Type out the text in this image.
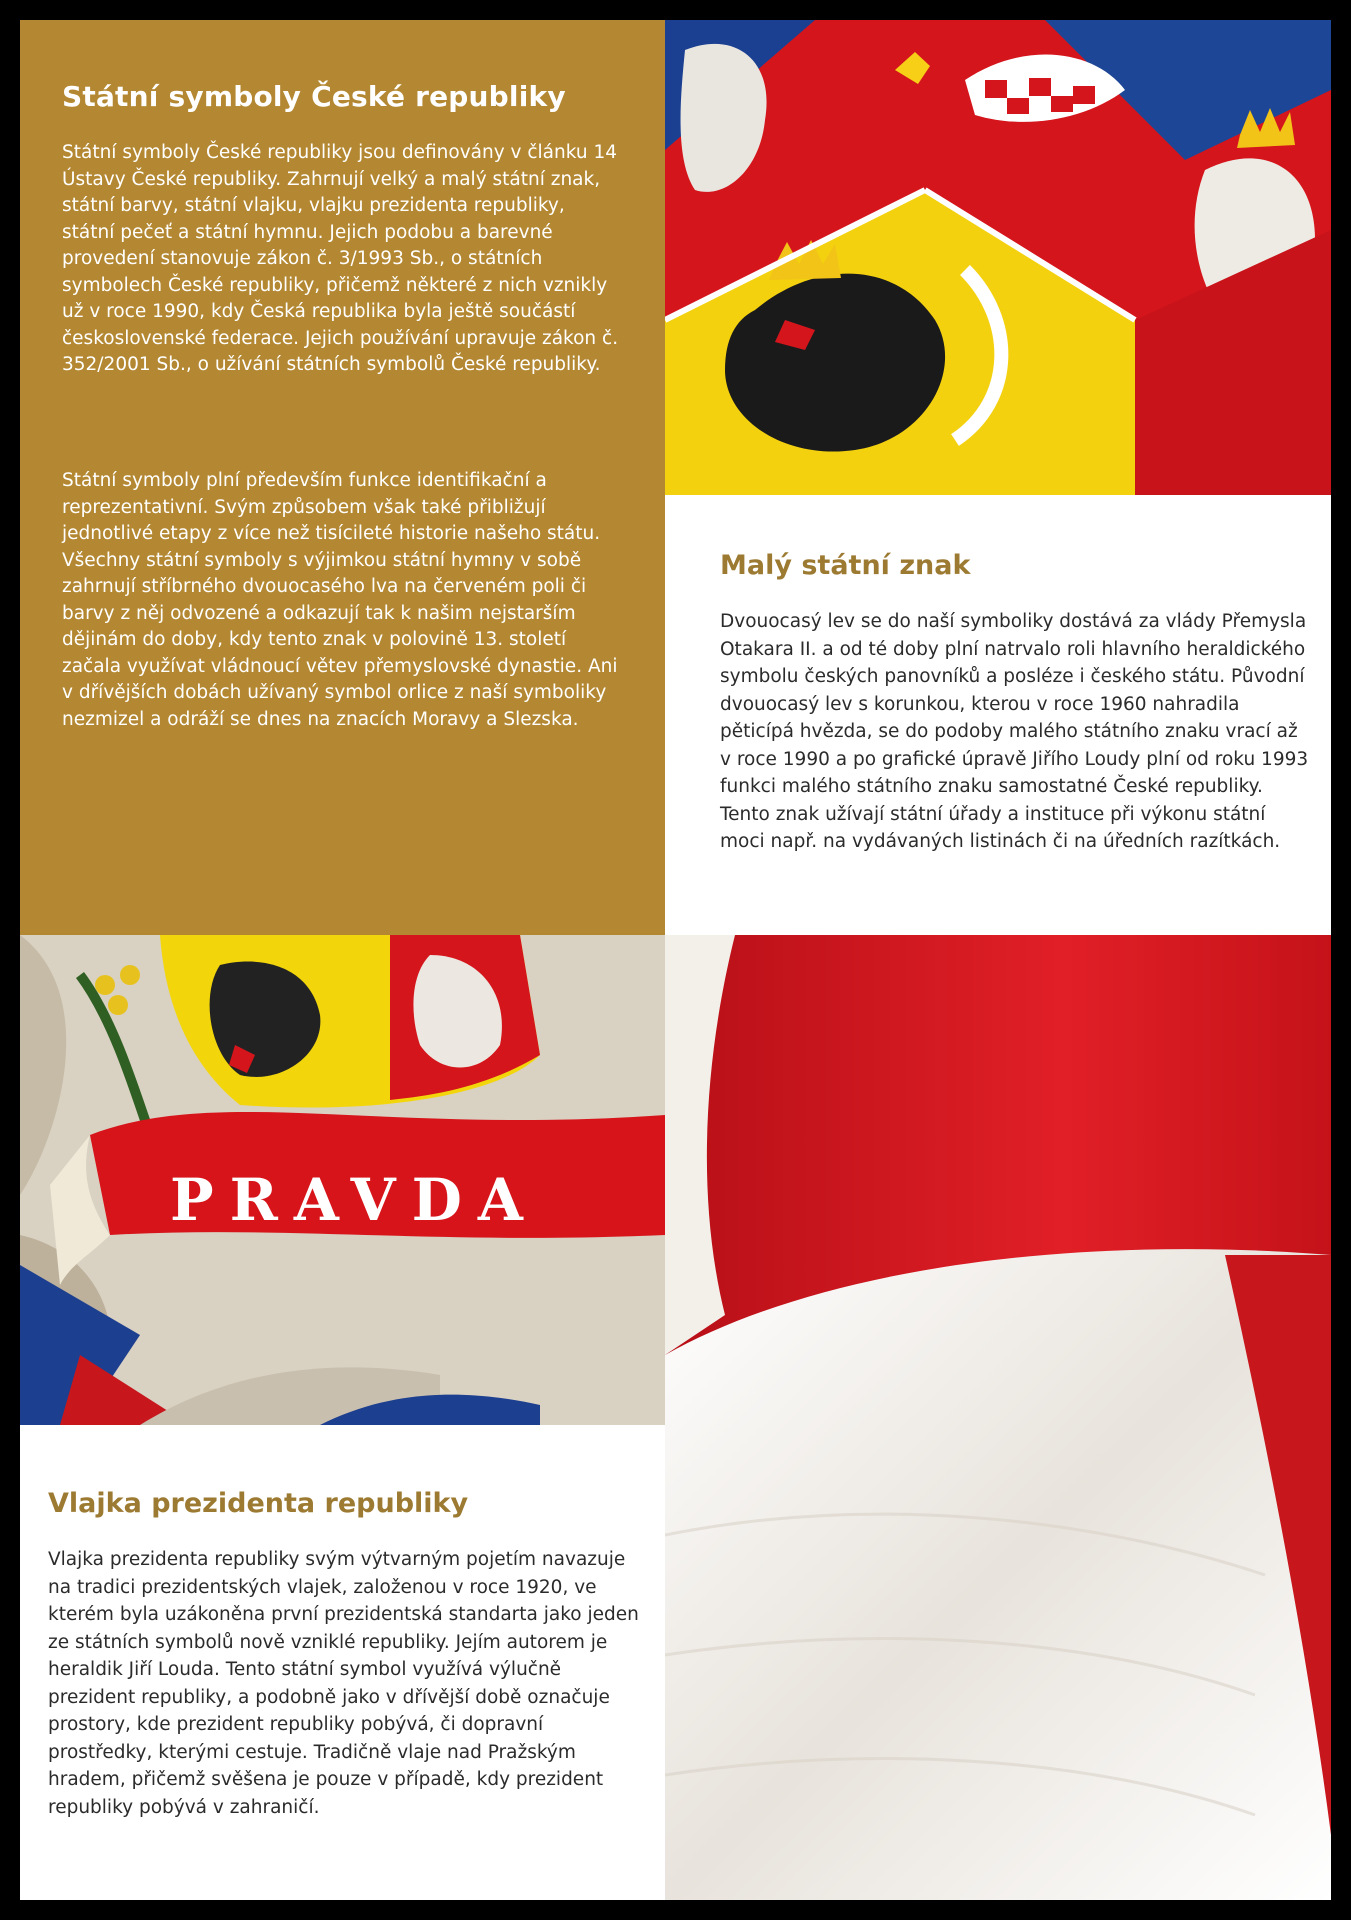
Státní symboly České republiky

Státní symboly České republiky jsou definovány v článku 14 Ústavy České republiky. Zahrnují velký a malý státní znak, státní barvy, státní vlajku, vlajku prezidenta republiky, státní pečeť a státní hymnu. Jejich podobu a barevné provedení stanovuje zákon č. 3/1993 Sb., o státních symbolech České republiky, přičemž některé z nich vznikly už v roce 1990, kdy Česká republika byla ještě součástí československé federace. Jejich používání upravuje zákon č. 352/2001 Sb., o užívání státních symbolů České republiky.

Státní symboly plní především funkce identifikační a reprezentativní. Svým způsobem však také přibližují jednotlivé etapy z více než tisícileté historie našeho státu. Všechny státní symboly s výjimkou státní hymny v sobě zahrnují stříbrného dvouocasého lva na červeném poli či barvy z něj odvozené a odkazují tak k našim nejstarším dějinám do doby, kdy tento znak v polovině 13. století začala využívat vládnoucí větev přemyslovské dynastie. Ani v dřívějších dobách užívaný symbol orlice z naší symboliky nezmizel a odráží se dnes na znacích Moravy a Slezska.

Malý státní znak

Dvouocasý lev se do naší symboliky dostává za vlády Přemysla Otakara II. a od té doby plní natrvalo roli hlavního heraldického symbolu českých panovníků a posléze i českého státu. Původní dvouocasý lev s korunkou, kterou v roce 1960 nahradila pěticípá hvězda, se do podoby malého státního znaku vrací až v roce 1990 a po grafické úpravě Jiřího Loudy plní od roku 1993 funkci malého státního znaku samostatné České republiky. Tento znak užívají státní úřady a instituce při výkonu státní moci např. na vydávaných listinách či na úředních razítkách.

PRAVDA
Vlajka prezidenta republiky

Vlajka prezidenta republiky svým výtvarným pojetím navazuje na tradici prezidentských vlajek, založenou v roce 1920, ve kterém byla uzákoněna první prezidentská standarta jako jeden ze státních symbolů nově vzniklé republiky. Jejím autorem je heraldik Jiří Louda. Tento státní symbol využívá výlučně prezident republiky, a podobně jako v dřívější době označuje prostory, kde prezident republiky pobývá, či dopravní prostředky, kterými cestuje. Tradičně vlaje nad Pražským hradem, přičemž svěšena je pouze v případě, kdy prezident republiky pobývá v zahraničí.
